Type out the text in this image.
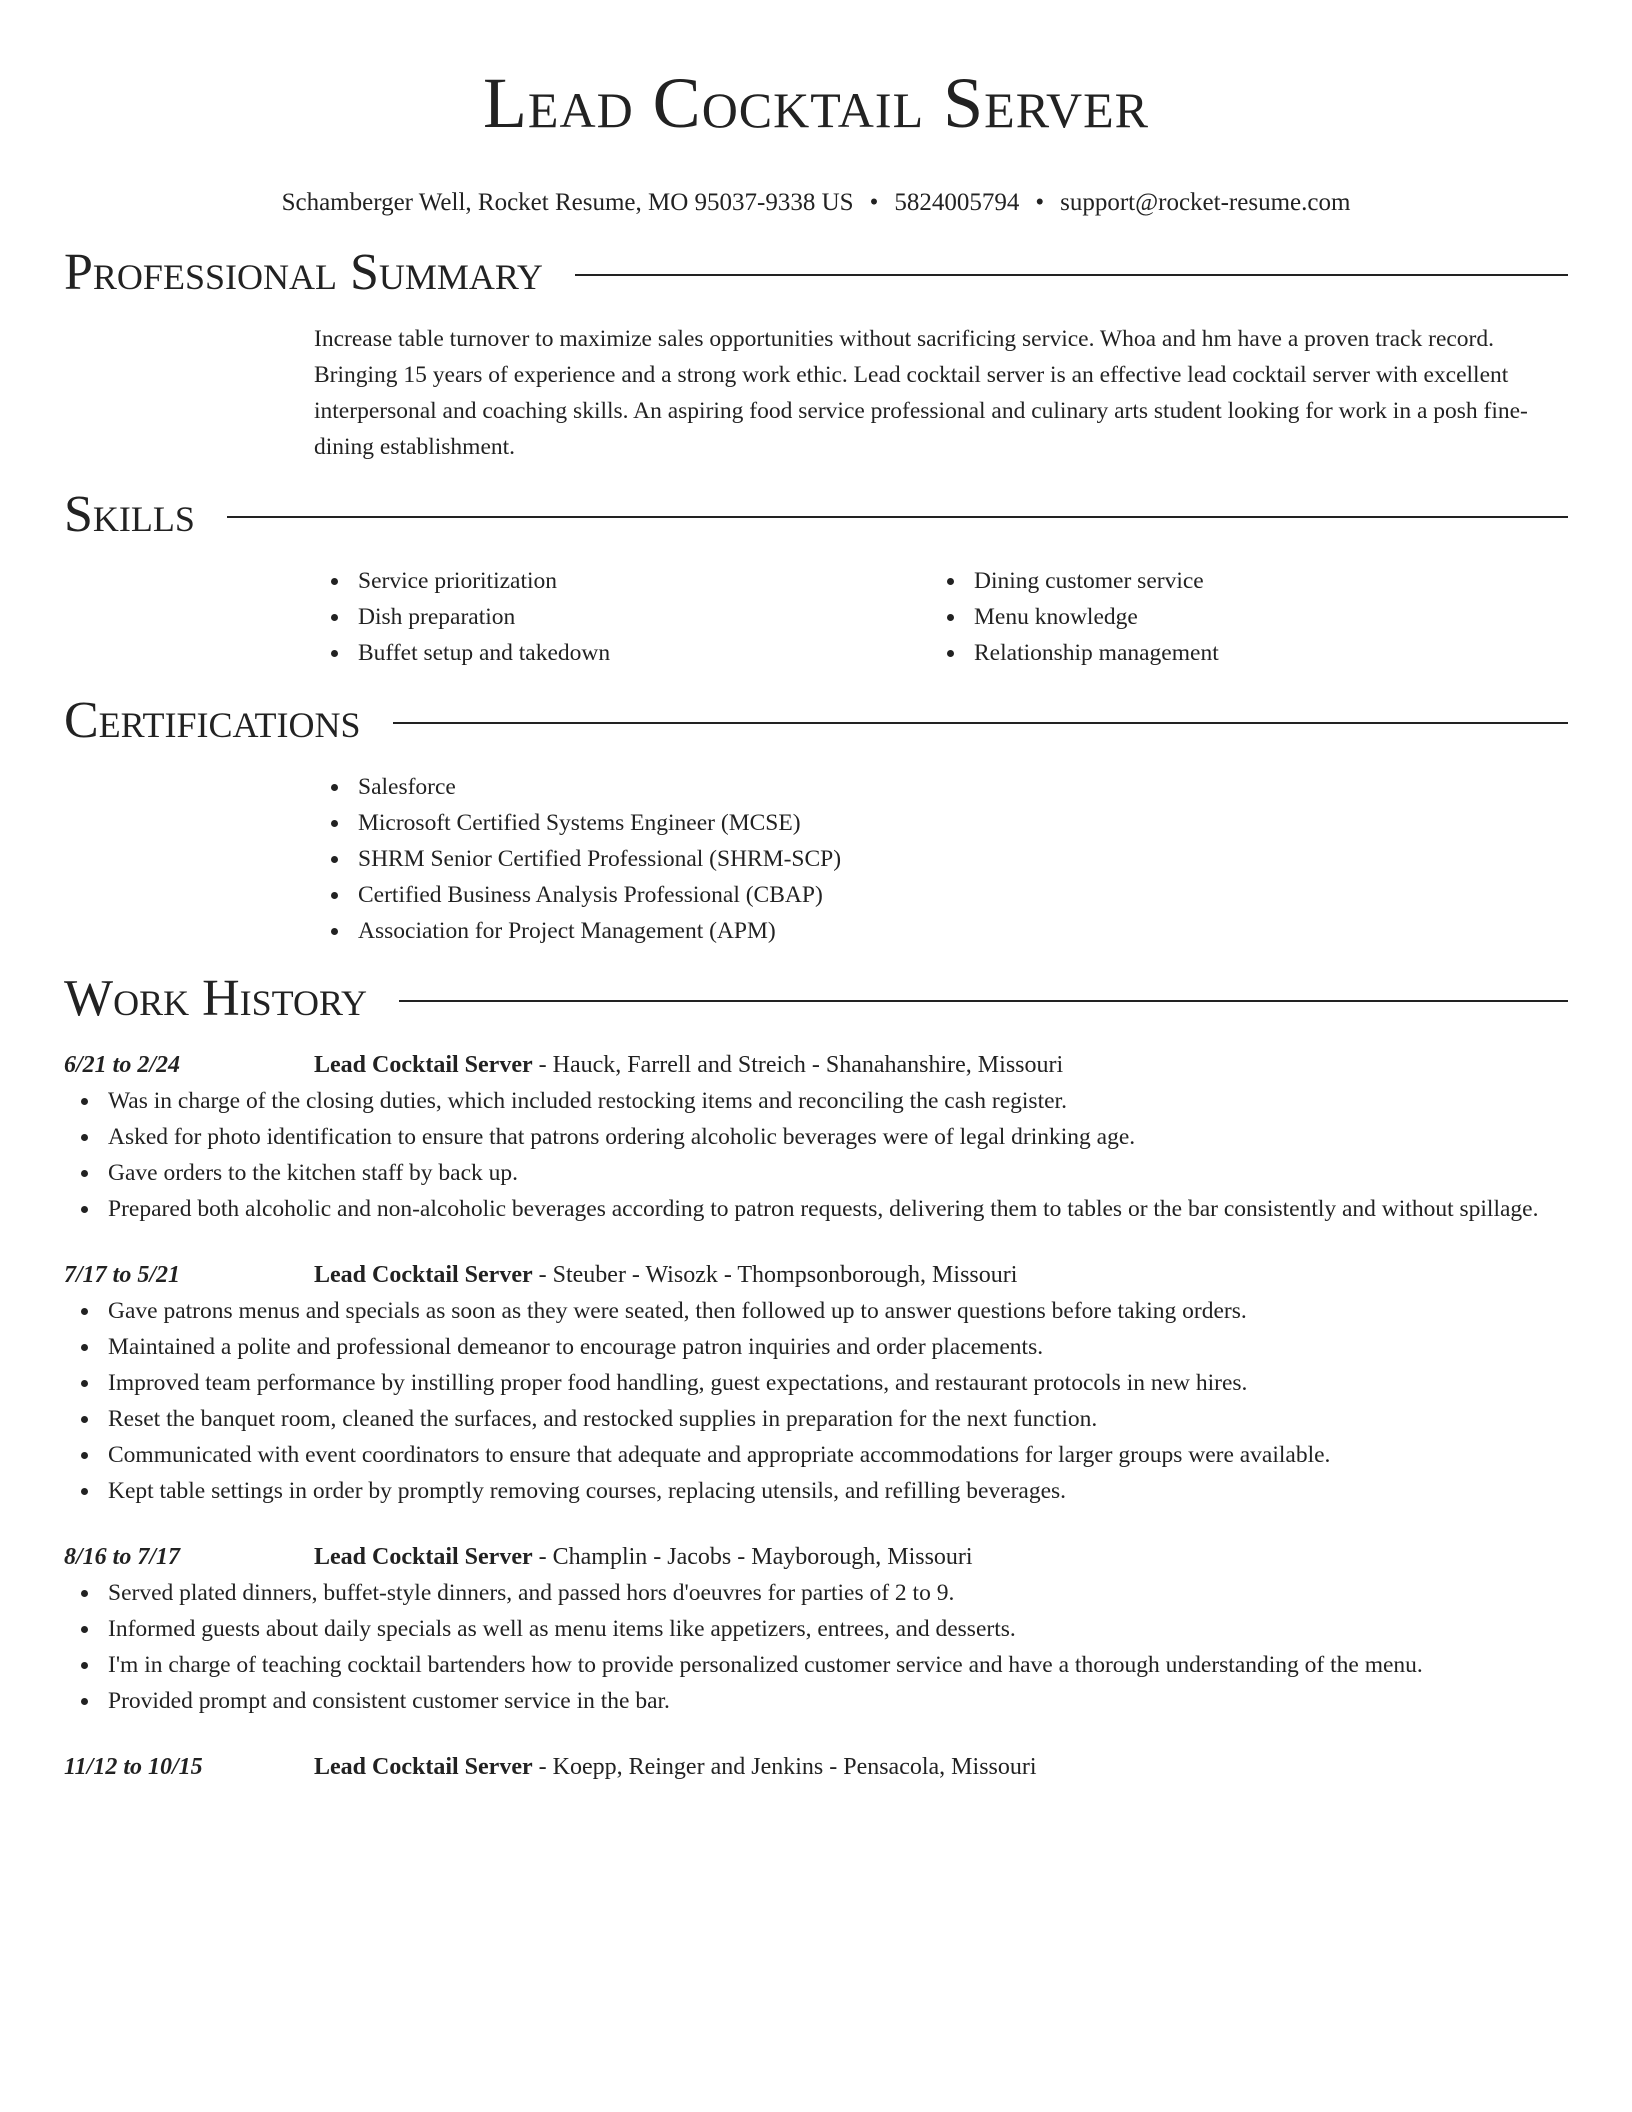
Lead Cocktail Server
Schamberger Well, Rocket Resume, MO 95037-9338 US • 5824005794 • support@rocket-resume.com
Professional Summary

Increase table turnover to maximize sales opportunities without sacrificing service. Whoa and hm have a proven track record. Bringing 15 years of experience and a strong work ethic. Lead cocktail server is an effective lead cocktail server with excellent interpersonal and coaching skills. An aspiring food service professional and culinary arts student looking for work in a posh fine-dining establishment.

Skills
Service prioritization
Dish preparation
Buffet setup and takedown
Dining customer service
Menu knowledge
Relationship management
Certifications
Salesforce
Microsoft Certified Systems Engineer (MCSE)
SHRM Senior Certified Professional (SHRM-SCP)
Certified Business Analysis Professional (CBAP)
Association for Project Management (APM)
Work History
6/21 to 2/24	Lead Cocktail Server - Hauck, Farrell and Streich - Shanahanshire, Missouri
Was in charge of the closing duties, which included restocking items and reconciling the cash register.
Asked for photo identification to ensure that patrons ordering alcoholic beverages were of legal drinking age.
Gave orders to the kitchen staff by back up.
Prepared both alcoholic and non-alcoholic beverages according to patron requests, delivering them to tables or the bar consistently and without spillage.
7/17 to 5/21	Lead Cocktail Server - Steuber - Wisozk - Thompsonborough, Missouri
Gave patrons menus and specials as soon as they were seated, then followed up to answer questions before taking orders.
Maintained a polite and professional demeanor to encourage patron inquiries and order placements.
Improved team performance by instilling proper food handling, guest expectations, and restaurant protocols in new hires.
Reset the banquet room, cleaned the surfaces, and restocked supplies in preparation for the next function.
Communicated with event coordinators to ensure that adequate and appropriate accommodations for larger groups were available.
Kept table settings in order by promptly removing courses, replacing utensils, and refilling beverages.
8/16 to 7/17	Lead Cocktail Server - Champlin - Jacobs - Mayborough, Missouri
Served plated dinners, buffet-style dinners, and passed hors d'oeuvres for parties of 2 to 9.
Informed guests about daily specials as well as menu items like appetizers, entrees, and desserts.
I'm in charge of teaching cocktail bartenders how to provide personalized customer service and have a thorough understanding of the menu.
Provided prompt and consistent customer service in the bar.
11/12 to 10/15	Lead Cocktail Server - Koepp, Reinger and Jenkins - Pensacola, Missouri
